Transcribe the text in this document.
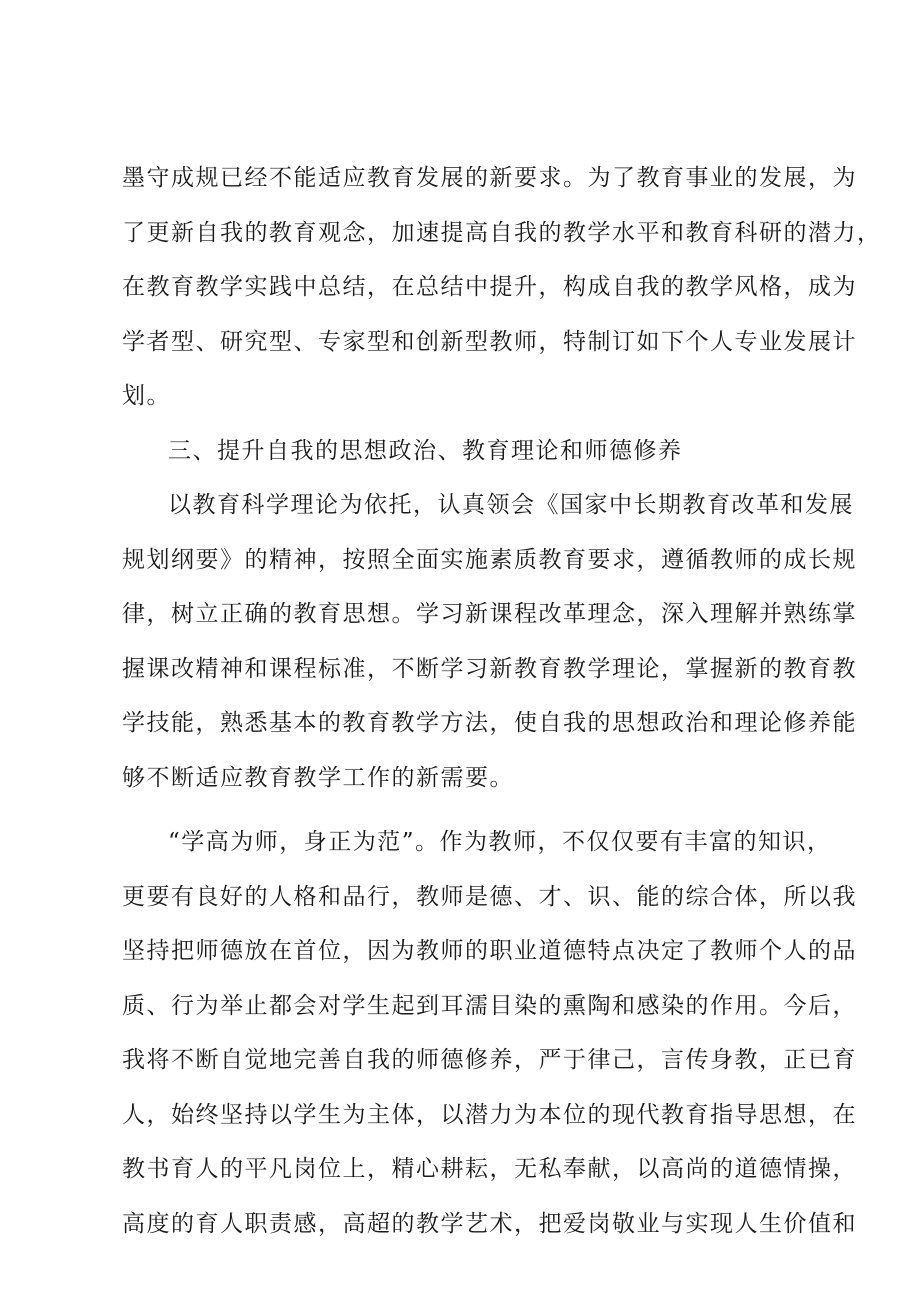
墨守成规已经不能适应教育发展的新要求。为了教育事业的发展，为
了更新自我的教育观念，加速提高自我的教学水平和教育科研的潜力，
在教育教学实践中总结，在总结中提升，构成自我的教学风格，成为
学者型、研究型、专家型和创新型教师，特制订如下个人专业发展计
划。
三、提升自我的思想政治、教育理论和师德修养
以教育科学理论为依托，认真领会《国家中长期教育改革和发展
规划纲要》的精神，按照全面实施素质教育要求，遵循教师的成长规
律，树立正确的教育思想。学习新课程改革理念，深入理解并熟练掌
握课改精神和课程标准，不断学习新教育教学理论，掌握新的教育教
学技能，熟悉基本的教育教学方法，使自我的思想政治和理论修养能
够不断适应教育教学工作的新需要。
“学高为师，身正为范”。作为教师，不仅仅要有丰富的知识，
更要有良好的人格和品行，教师是德、才、识、能的综合体，所以我
坚持把师德放在首位，因为教师的职业道德特点决定了教师个人的品
质、行为举止都会对学生起到耳濡目染的熏陶和感染的作用。今后，
我将不断自觉地完善自我的师德修养，严于律己，言传身教，正已育
人，始终坚持以学生为主体，以潜力为本位的现代教育指导思想，在
教书育人的平凡岗位上，精心耕耘，无私奉献，以高尚的道德情操，
高度的育人职责感，高超的教学艺术，把爱岗敬业与实现人生价值和
